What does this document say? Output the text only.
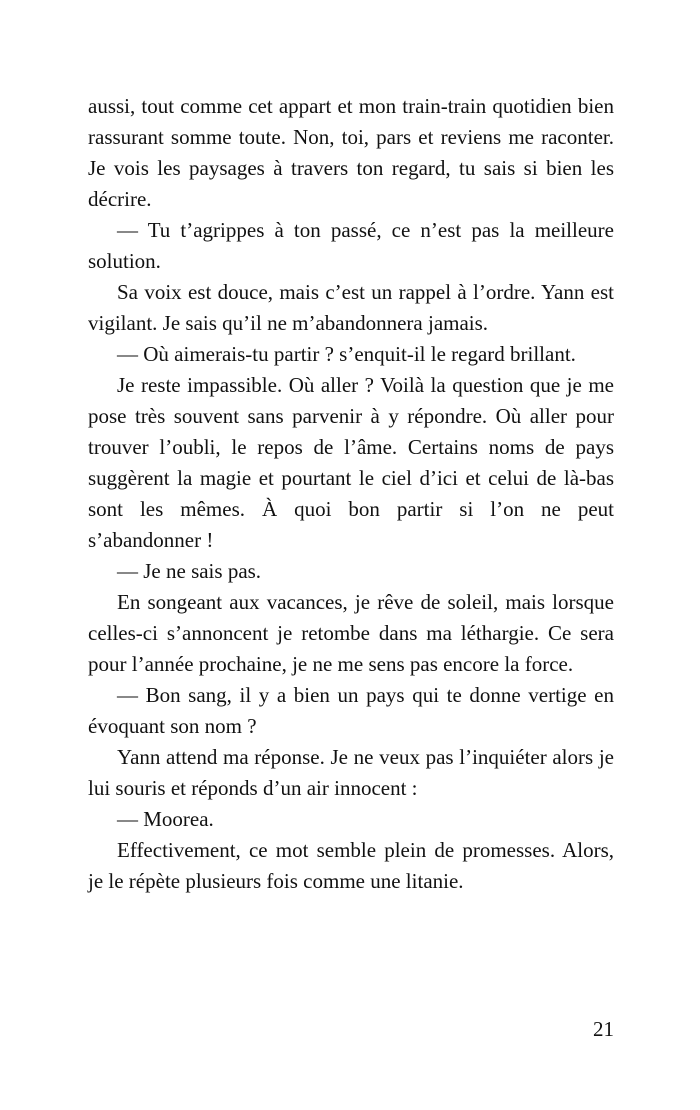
aussi, tout comme cet appart et mon train-train quotidien bien rassurant somme toute. Non, toi, pars et reviens me raconter. Je vois les paysages à travers ton regard, tu sais si bien les décrire.

— Tu t’agrippes à ton passé, ce n’est pas la meilleure solution.

Sa voix est douce, mais c’est un rappel à l’ordre. Yann est vigilant. Je sais qu’il ne m’abandonnera jamais.

— Où aimerais-tu partir ? s’enquit-il le regard brillant.

Je reste impassible. Où aller ? Voilà la question que je me pose très souvent sans parvenir à y répondre. Où aller pour trouver l’oubli, le repos de l’âme. Certains noms de pays suggèrent la magie et pourtant le ciel d’ici et celui de là-bas sont les mêmes. À quoi bon partir si l’on ne peut s’abandonner !

— Je ne sais pas.

En songeant aux vacances, je rêve de soleil, mais lorsque celles-ci s’annoncent je retombe dans ma léthargie. Ce sera pour l’année prochaine, je ne me sens pas encore la force.

— Bon sang, il y a bien un pays qui te donne vertige en évoquant son nom ?

Yann attend ma réponse. Je ne veux pas l’inquiéter alors je lui souris et réponds d’un air innocent :

— Moorea.

Effectivement, ce mot semble plein de promesses. Alors, je le répète plusieurs fois comme une litanie.

21
